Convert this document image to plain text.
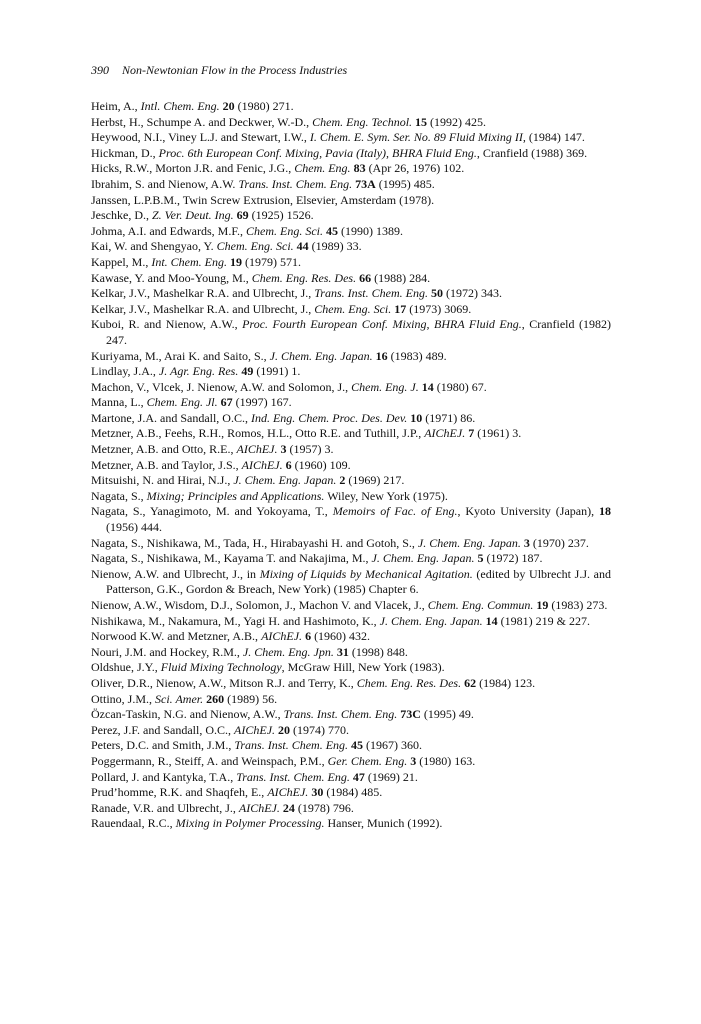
390 Non-Newtonian Flow in the Process Industries
Heim, A., Intl. Chem. Eng. 20 (1980) 271.
Herbst, H., Schumpe A. and Deckwer, W.-D., Chem. Eng. Technol. 15 (1992) 425.
Heywood, N.I., Viney L.J. and Stewart, I.W., I. Chem. E. Sym. Ser. No. 89 Fluid Mixing II, (1984) 147.
Hickman, D., Proc. 6th European Conf. Mixing, Pavia (Italy), BHRA Fluid Eng., Cranfield (1988) 369.
Hicks, R.W., Morton J.R. and Fenic, J.G., Chem. Eng. 83 (Apr 26, 1976) 102.
Ibrahim, S. and Nienow, A.W. Trans. Inst. Chem. Eng. 73A (1995) 485.
Janssen, L.P.B.M., Twin Screw Extrusion, Elsevier, Amsterdam (1978).
Jeschke, D., Z. Ver. Deut. Ing. 69 (1925) 1526.
Johma, A.I. and Edwards, M.F., Chem. Eng. Sci. 45 (1990) 1389.
Kai, W. and Shengyao, Y. Chem. Eng. Sci. 44 (1989) 33.
Kappel, M., Int. Chem. Eng. 19 (1979) 571.
Kawase, Y. and Moo-Young, M., Chem. Eng. Res. Des. 66 (1988) 284.
Kelkar, J.V., Mashelkar R.A. and Ulbrecht, J., Trans. Inst. Chem. Eng. 50 (1972) 343.
Kelkar, J.V., Mashelkar R.A. and Ulbrecht, J., Chem. Eng. Sci. 17 (1973) 3069.
Kuboi, R. and Nienow, A.W., Proc. Fourth European Conf. Mixing, BHRA Fluid Eng., Cranfield (1982) 247.
Kuriyama, M., Arai K. and Saito, S., J. Chem. Eng. Japan. 16 (1983) 489.
Lindlay, J.A., J. Agr. Eng. Res. 49 (1991) 1.
Machon, V., Vlcek, J. Nienow, A.W. and Solomon, J., Chem. Eng. J. 14 (1980) 67.
Manna, L., Chem. Eng. Jl. 67 (1997) 167.
Martone, J.A. and Sandall, O.C., Ind. Eng. Chem. Proc. Des. Dev. 10 (1971) 86.
Metzner, A.B., Feehs, R.H., Romos, H.L., Otto R.E. and Tuthill, J.P., AIChEJ. 7 (1961) 3.
Metzner, A.B. and Otto, R.E., AIChEJ. 3 (1957) 3.
Metzner, A.B. and Taylor, J.S., AIChEJ. 6 (1960) 109.
Mitsuishi, N. and Hirai, N.J., J. Chem. Eng. Japan. 2 (1969) 217.
Nagata, S., Mixing; Principles and Applications. Wiley, New York (1975).
Nagata, S., Yanagimoto, M. and Yokoyama, T., Memoirs of Fac. of Eng., Kyoto University (Japan), 18 (1956) 444.
Nagata, S., Nishikawa, M., Tada, H., Hirabayashi H. and Gotoh, S., J. Chem. Eng. Japan. 3 (1970) 237.
Nagata, S., Nishikawa, M., Kayama T. and Nakajima, M., J. Chem. Eng. Japan. 5 (1972) 187.
Nienow, A.W. and Ulbrecht, J., in Mixing of Liquids by Mechanical Agitation. (edited by Ulbrecht J.J. and Patterson, G.K., Gordon & Breach, New York) (1985) Chapter 6.
Nienow, A.W., Wisdom, D.J., Solomon, J., Machon V. and Vlacek, J., Chem. Eng. Commun. 19 (1983) 273.
Nishikawa, M., Nakamura, M., Yagi H. and Hashimoto, K., J. Chem. Eng. Japan. 14 (1981) 219 & 227.
Norwood K.W. and Metzner, A.B., AIChEJ. 6 (1960) 432.
Nouri, J.M. and Hockey, R.M., J. Chem. Eng. Jpn. 31 (1998) 848.
Oldshue, J.Y., Fluid Mixing Technology, McGraw Hill, New York (1983).
Oliver, D.R., Nienow, A.W., Mitson R.J. and Terry, K., Chem. Eng. Res. Des. 62 (1984) 123.
Ottino, J.M., Sci. Amer. 260 (1989) 56.
Özcan-Taskin, N.G. and Nienow, A.W., Trans. Inst. Chem. Eng. 73C (1995) 49.
Perez, J.F. and Sandall, O.C., AIChEJ. 20 (1974) 770.
Peters, D.C. and Smith, J.M., Trans. Inst. Chem. Eng. 45 (1967) 360.
Poggermann, R., Steiff, A. and Weinspach, P.M., Ger. Chem. Eng. 3 (1980) 163.
Pollard, J. and Kantyka, T.A., Trans. Inst. Chem. Eng. 47 (1969) 21.
Prud’homme, R.K. and Shaqfeh, E., AIChEJ. 30 (1984) 485.
Ranade, V.R. and Ulbrecht, J., AIChEJ. 24 (1978) 796.
Rauendaal, R.C., Mixing in Polymer Processing. Hanser, Munich (1992).
